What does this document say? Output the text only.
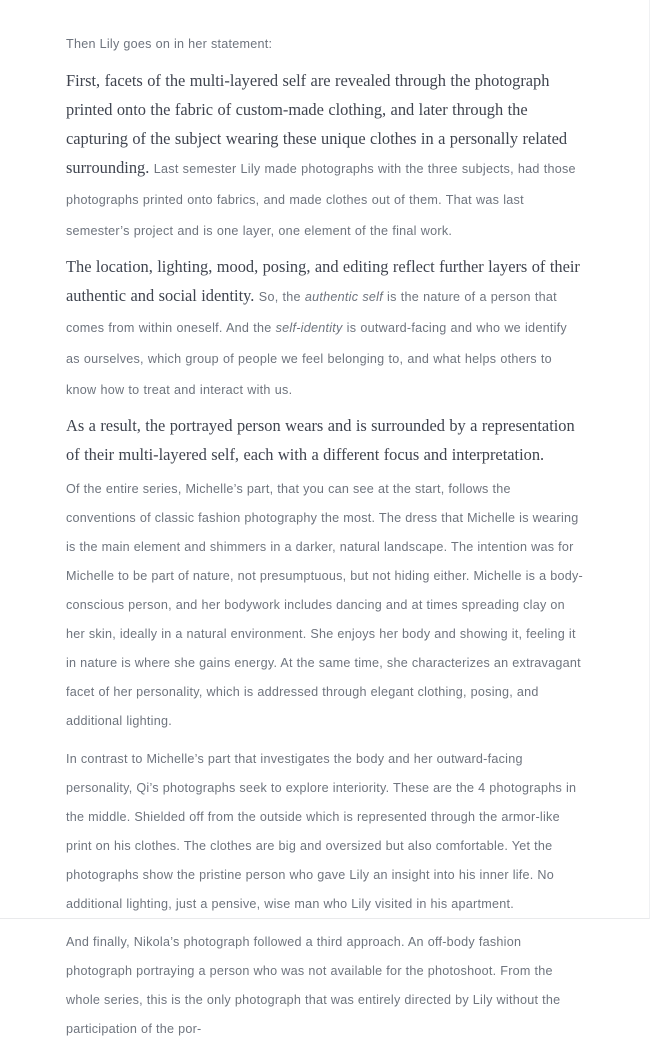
Then Lily goes on in her statement:

First, facets of the multi-layered self are revealed through the photograph printed onto the fabric of custom-made clothing, and later through the capturing of the subject wearing these unique clothes in a personally related surrounding. Last semester Lily made photographs with the three subjects, had those photographs printed onto fabrics, and made clothes out of them. That was last semester’s project and is one layer, one element of the final work.

The location, lighting, mood, posing, and editing reflect further layers of their authentic and social identity. So, the authentic self is the nature of a person that comes from within oneself. And the self-identity is outward-facing and who we identify as ourselves, which group of people we feel belonging to, and what helps others to know how to treat and interact with us.

As a result, the portrayed person wears and is surrounded by a representation of their multi-layered self, each with a different focus and interpretation.

Of the entire series, Michelle’s part, that you can see at the start, follows the conventions of classic fashion photography the most. The dress that Michelle is wearing is the main element and shimmers in a darker, natural landscape. The intention was for Michelle to be part of nature, not presumptuous, but not hiding either. Michelle is a body-conscious person, and her bodywork includes dancing and at times spreading clay on her skin, ideally in a natural environment. She enjoys her body and showing it, feeling it in nature is where she gains energy. At the same time, she characterizes an extravagant facet of her personality, which is addressed through elegant clothing, posing, and additional lighting.

In contrast to Michelle’s part that investigates the body and her outward-facing personality, Qi’s photographs seek to explore interiority. These are the 4 photographs in the middle. Shielded off from the outside which is represented through the armor-like print on his clothes. The clothes are big and oversized but also comfortable. Yet the photographs show the pristine person who gave Lily an insight into his inner life. No additional lighting, just a pensive, wise man who Lily visited in his apartment.

And finally, Nikola’s photograph followed a third approach. An off-body fashion photograph portraying a person who was not available for the photoshoot. From the whole series, this is the only photograph that was entirely directed by Lily without the participation of the por-
